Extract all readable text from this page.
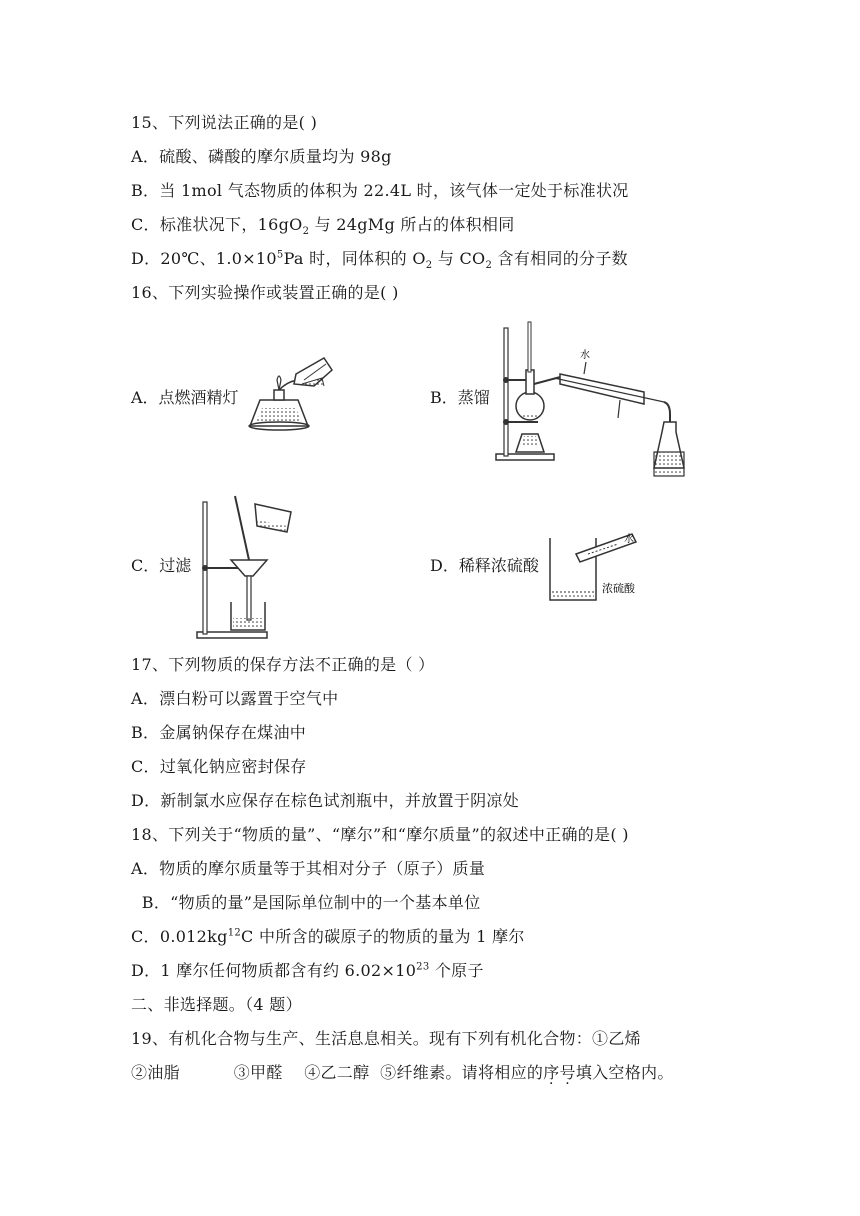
15、下列说法正确的是( )
A．硫酸、磷酸的摩尔质量均为 98g
B．当 1mol 气态物质的体积为 22.4L 时，该气体一定处于标准状况
C．标准状况下，$16gO_2$ 与 24gMg 所占的体积相同
D．20℃、$1.0\times 10^5Pa$ 时，同体积的 $O_2$ 与 $CO_2$ 含有相同的分子数
16、下列实验操作或装置正确的是( )
A．点燃酒精灯	B．蒸馏
水
C．过滤	D．稀释浓硫酸
水
浓硫酸
17、下列物质的保存方法不正确的是（ ）
A．漂白粉可以露置于空气中
B．金属钠保存在煤油中
C．过氧化钠应密封保存
D．新制氯水应保存在棕色试剂瓶中，并放置于阴凉处
18、下列关于“物质的量”、“摩尔”和“摩尔质量”的叙述中正确的是( )
A．物质的摩尔质量等于其相对分子（原子）质量
B．“物质的量”是国际单位制中的一个基本单位
C．$0.012kg^{12}C$ 中所含的碳原子的物质的量为 1 摩尔
D．1 摩尔任何物质都含有约 $6.02\times 10^{23}$ 个原子
二、非选择题。（4 题）
19、有机化合物与生产、生活息息相关。现有下列有机化合物：①乙烯
②油脂          ③甲醛    ④乙二醇  ⑤纤维素。请将相应的序号填入空格内。
